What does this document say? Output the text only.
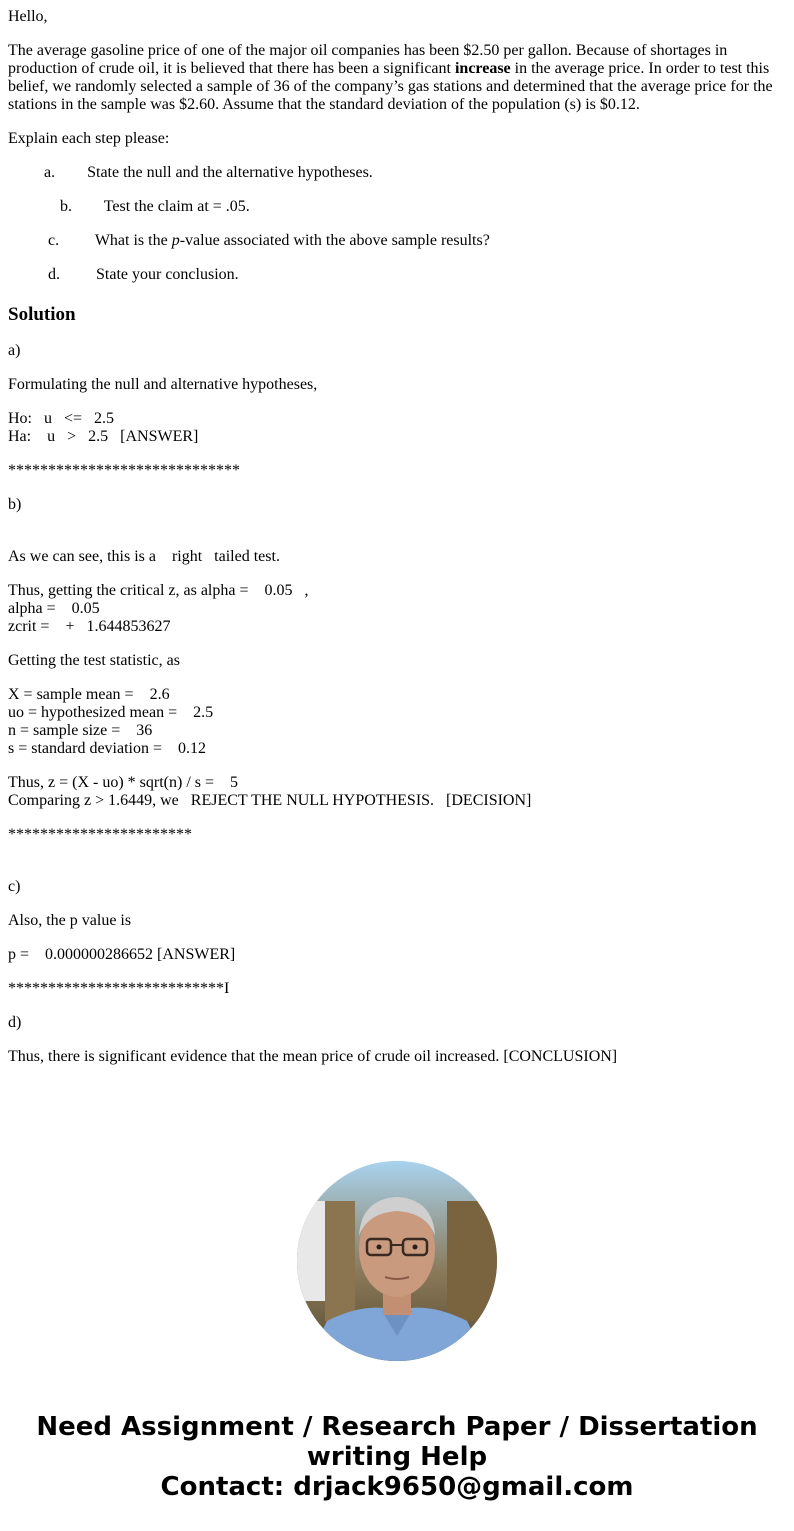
Hello,

The average gasoline price of one of the major oil companies has been $2.50 per gallon. Because of shortages in production of crude oil, it is believed that there has been a significant increase in the average price. In order to test this belief, we randomly selected a sample of 36 of the company’s gas stations and determined that the average price for the stations in the sample was $2.60. Assume that the standard deviation of the population (s) is $0.12.

Explain each step please:

a. State the null and the alternative hypotheses.

b. Test the claim at = .05.

c. What is the p-value associated with the above sample results?

d. State your conclusion.

Solution

a)

Formulating the null and alternative hypotheses,

Ho:   u   <=   2.5

Ha:    u   >   2.5   [ANSWER]

*****************************

b)

As we can see, this is a    right   tailed test.

Thus, getting the critical z, as alpha =    0.05   ,

alpha =    0.05

zcrit =    +   1.644853627

Getting the test statistic, as

X = sample mean =    2.6

uo = hypothesized mean =    2.5

n = sample size =    36

s = standard deviation =    0.12

Thus, z = (X - uo) * sqrt(n) / s =    5

Comparing z > 1.6449, we   REJECT THE NULL HYPOTHESIS.   [DECISION]

***********************

c)

Also, the p value is

p =    0.000000286652 [ANSWER]

***************************I

d)

Thus, there is significant evidence that the mean price of crude oil increased. [CONCLUSION]

Need Assignment / Research Paper / Dissertation
writing Help
Contact: drjack9650@gmail.com
